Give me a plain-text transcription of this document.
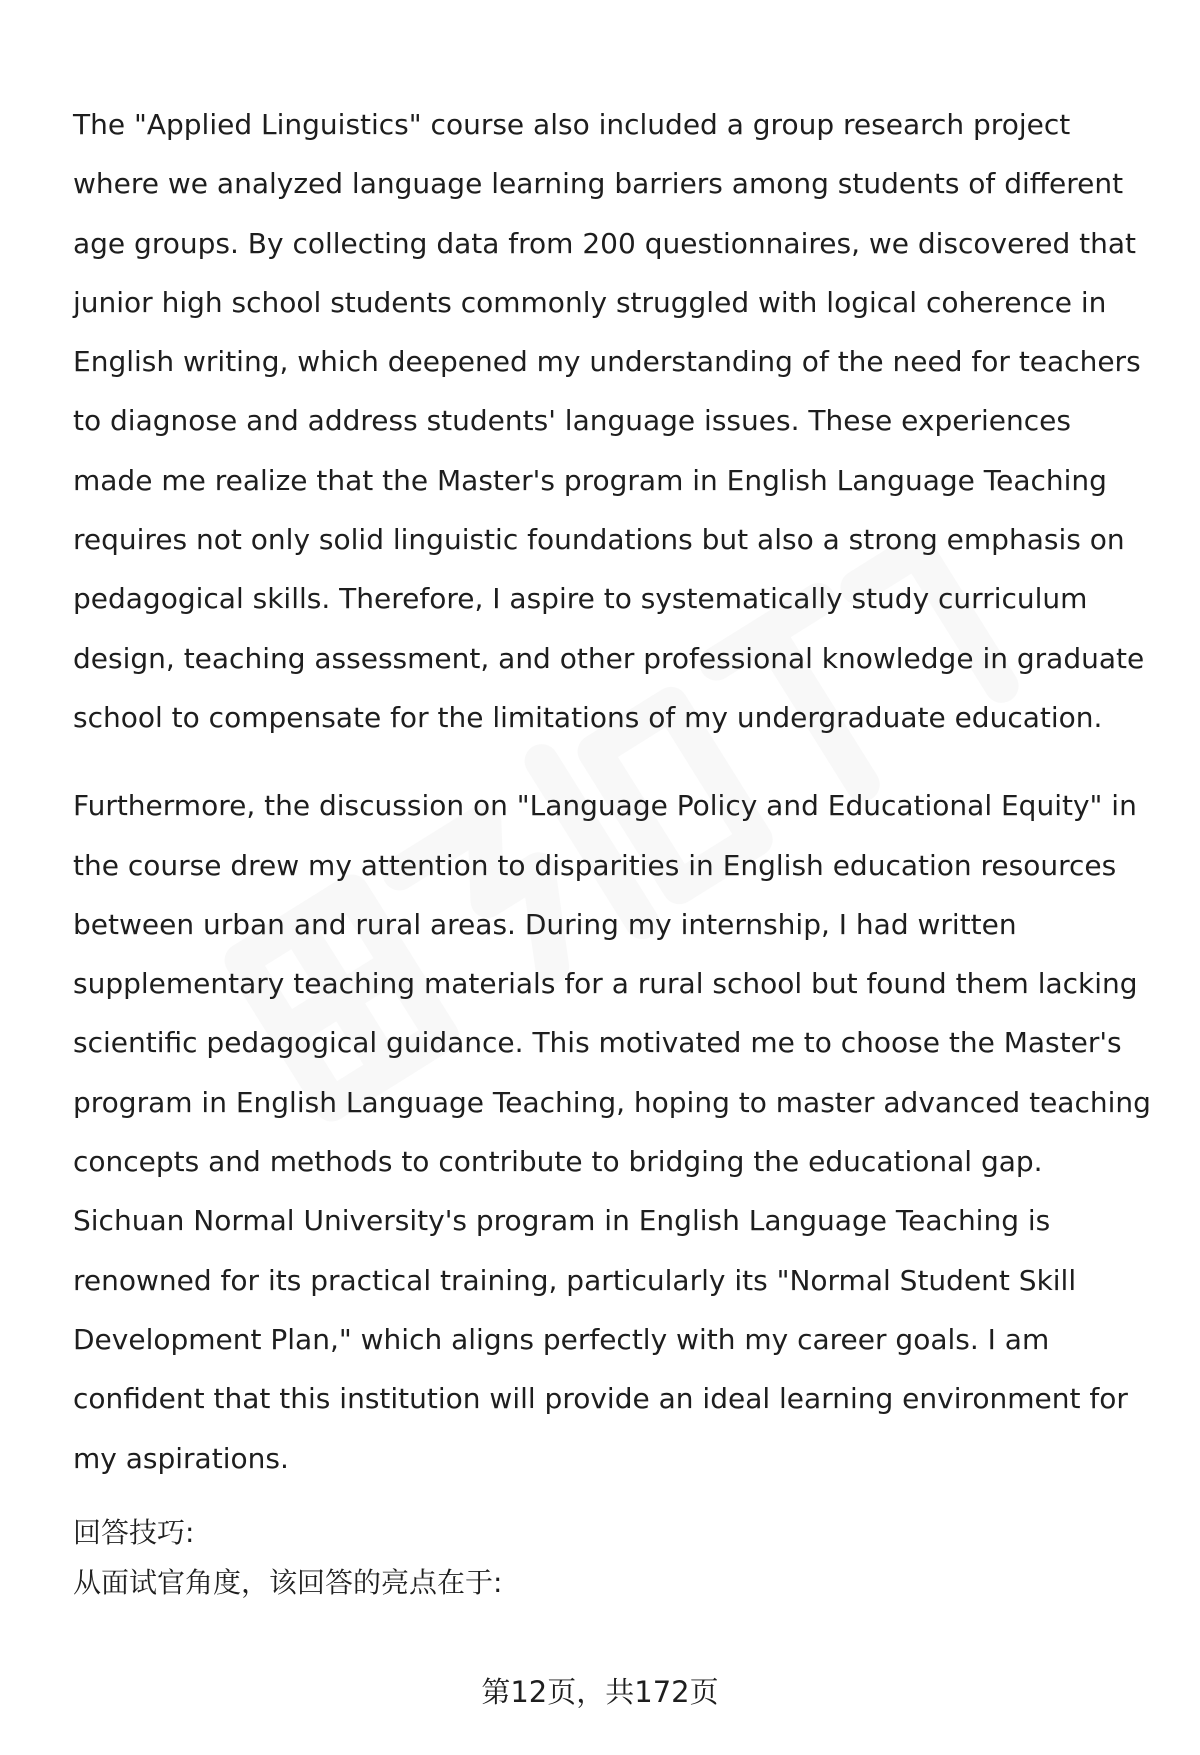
The "Applied Linguistics" course also included a group research project where we analyzed language learning barriers among students of different age groups. By collecting data from 200 questionnaires, we discovered that junior high school students commonly struggled with logical coherence in English writing, which deepened my understanding of the need for teachers to diagnose and address students' language issues. These experiences made me realize that the Master's program in English Language Teaching requires not only solid linguistic foundations but also a strong emphasis on pedagogical skills. Therefore, I aspire to systematically study curriculum design, teaching assessment, and other professional knowledge in graduate school to compensate for the limitations of my undergraduate education.

Furthermore, the discussion on "Language Policy and Educational Equity" in the course drew my attention to disparities in English education resources between urban and rural areas. During my internship, I had written supplementary teaching materials for a rural school but found them lacking scientific pedagogical guidance. This motivated me to choose the Master's program in English Language Teaching, hoping to master advanced teaching concepts and methods to contribute to bridging the educational gap. Sichuan Normal University's program in English Language Teaching is renowned for its practical training, particularly its "Normal Student Skill Development Plan," which aligns perfectly with my career goals. I am confident that this institution will provide an ideal learning environment for my aspirations.

回答技巧:

从面试官角度，该回答的亮点在于:

第12页，共172页
